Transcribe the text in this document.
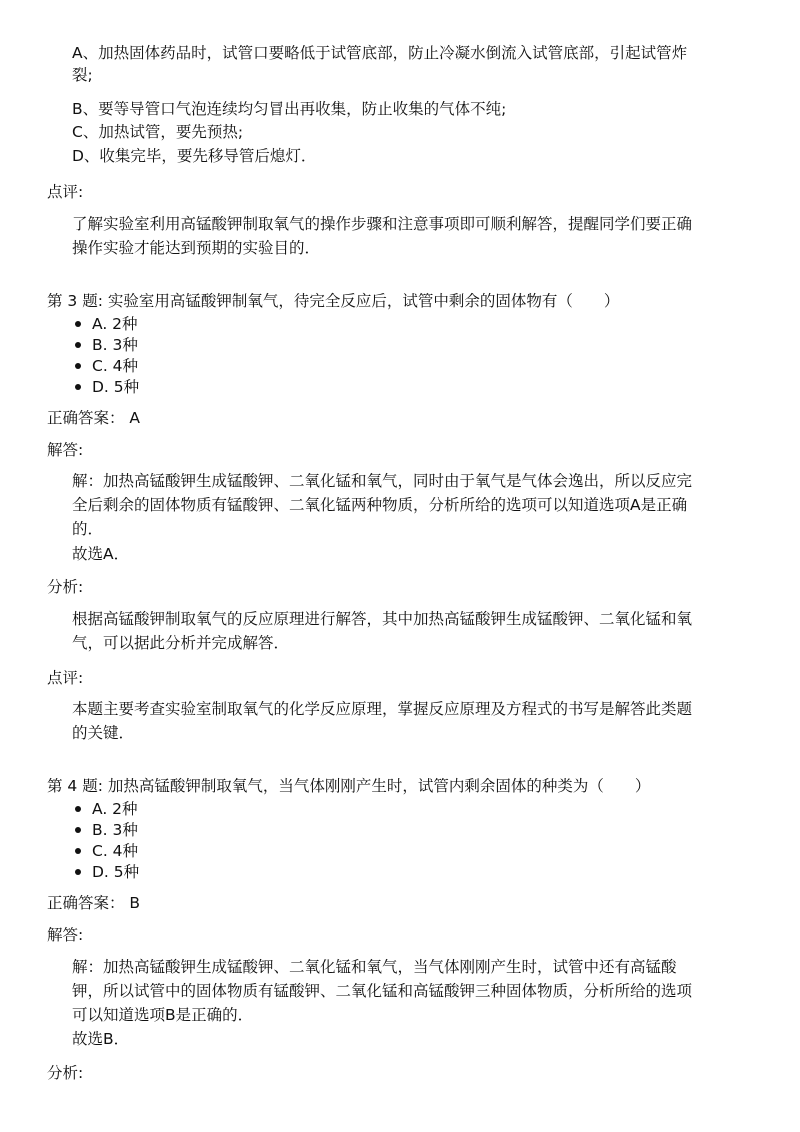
A、加热固体药品时，试管口要略低于试管底部，防止冷凝水倒流入试管底部，引起试管炸
裂;
B、要等导管口气泡连续均匀冒出再收集，防止收集的气体不纯;
C、加热试管，要先预热;
D、收集完毕，要先移导管后熄灯．
点评:
了解实验室利用高锰酸钾制取氧气的操作步骤和注意事项即可顺利解答，提醒同学们要正确
操作实验才能达到预期的实验目的．
第 3 题: 实验室用高锰酸钾制氧气，待完全反应后，试管中剩余的固体物有（　　）
A. 2种
B. 3种
C. 4种
D. 5种
正确答案： A
解答:
解：加热高锰酸钾生成锰酸钾、二氧化锰和氧气，同时由于氧气是气体会逸出，所以反应完
全后剩余的固体物质有锰酸钾、二氧化锰两种物质，分析所给的选项可以知道选项A是正确
的．
故选A．
分析:
根据高锰酸钾制取氧气的反应原理进行解答，其中加热高锰酸钾生成锰酸钾、二氧化锰和氧
气，可以据此分析并完成解答．
点评:
本题主要考查实验室制取氧气的化学反应原理，掌握反应原理及方程式的书写是解答此类题
的关键．
第 4 题: 加热高锰酸钾制取氧气，当气体刚刚产生时，试管内剩余固体的种类为（　　）
A. 2种
B. 3种
C. 4种
D. 5种
正确答案： B
解答:
解：加热高锰酸钾生成锰酸钾、二氧化锰和氧气，当气体刚刚产生时，试管中还有高锰酸
钾，所以试管中的固体物质有锰酸钾、二氧化锰和高锰酸钾三种固体物质，分析所给的选项
可以知道选项B是正确的．
故选B．
分析:
